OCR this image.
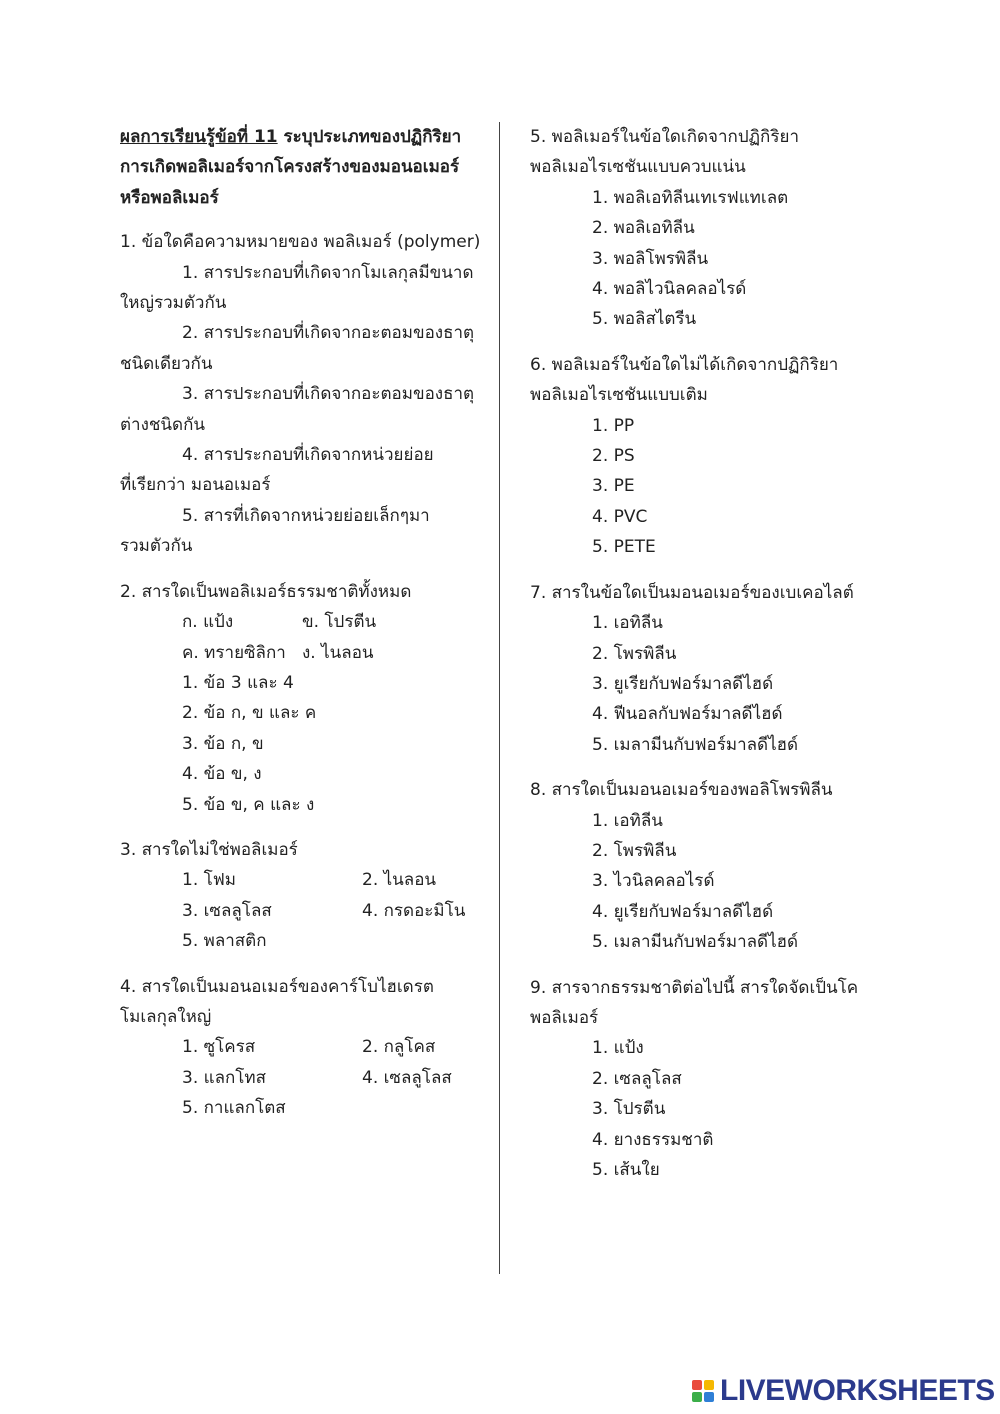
ผลการเรียนรู้ข้อที่ 11 ระบุประเภทของปฏิกิริยา
การเกิดพอลิเมอร์จากโครงสร้างของมอนอเมอร์
หรือพอลิเมอร์
1. ข้อใดคือความหมายของ พอลิเมอร์ (polymer)
1. สารประกอบที่เกิดจากโมเลกุลมีขนาด
ใหญ่รวมตัวกัน
2. สารประกอบที่เกิดจากอะตอมของธาตุ
ชนิดเดียวกัน
3. สารประกอบที่เกิดจากอะตอมของธาตุ
ต่างชนิดกัน
4. สารประกอบที่เกิดจากหน่วยย่อย
ที่เรียกว่า มอนอเมอร์
5. สารที่เกิดจากหน่วยย่อยเล็กๆมา
รวมตัวกัน
2. สารใดเป็นพอลิเมอร์ธรรมชาติทั้งหมด
ก. แป้ง	ข. โปรตีน
ค. ทรายซิลิกา ง. ไนลอน
1. ข้อ 3 และ 4
2. ข้อ ก, ข และ ค
3. ข้อ ก, ข
4. ข้อ ข, ง
5. ข้อ ข, ค และ ง
3. สารใดไม่ใช่พอลิเมอร์
1. โฟม	2. ไนลอน
3. เซลลูโลส	4. กรดอะมิโน
5. พลาสติก
4. สารใดเป็นมอนอเมอร์ของคาร์โบไฮเดรต
โมเลกุลใหญ่
1. ซูโครส	2. กลูโคส
3. แลกโทส	4. เซลลูโลส
5. กาแลกโตส
5. พอลิเมอร์ในข้อใดเกิดจากปฏิกิริยา
พอลิเมอไรเซชันแบบควบแน่น
1. พอลิเอทิลีนเทเรฟแทเลต
2. พอลิเอทิลีน
3. พอลิโพรพิลีน
4. พอลิไวนิลคลอไรด์
5. พอลิสไตรีน
6. พอลิเมอร์ในข้อใดไม่ได้เกิดจากปฏิกิริยา
พอลิเมอไรเซชันแบบเติม
1. PP
2. PS
3. PE
4. PVC
5. PETE
7. สารในข้อใดเป็นมอนอเมอร์ของเบเคอไลต์
1. เอทิลีน
2. โพรพิลีน
3. ยูเรียกับฟอร์มาลดีไฮด์
4. ฟีนอลกับฟอร์มาลดีไฮด์
5. เมลามีนกับฟอร์มาลดีไฮด์
8. สารใดเป็นมอนอเมอร์ของพอลิโพรพิลีน
1. เอทิลีน
2. โพรพิลีน
3. ไวนิลคลอไรด์
4. ยูเรียกับฟอร์มาลดีไฮด์
5. เมลามีนกับฟอร์มาลดีไฮด์
9. สารจากธรรมชาติต่อไปนี้ สารใดจัดเป็นโค
พอลิเมอร์
1. แป้ง
2. เซลลูโลส
3. โปรตีน
4. ยางธรรมชาติ
5. เส้นใย
LIVEWORKSHEETS
